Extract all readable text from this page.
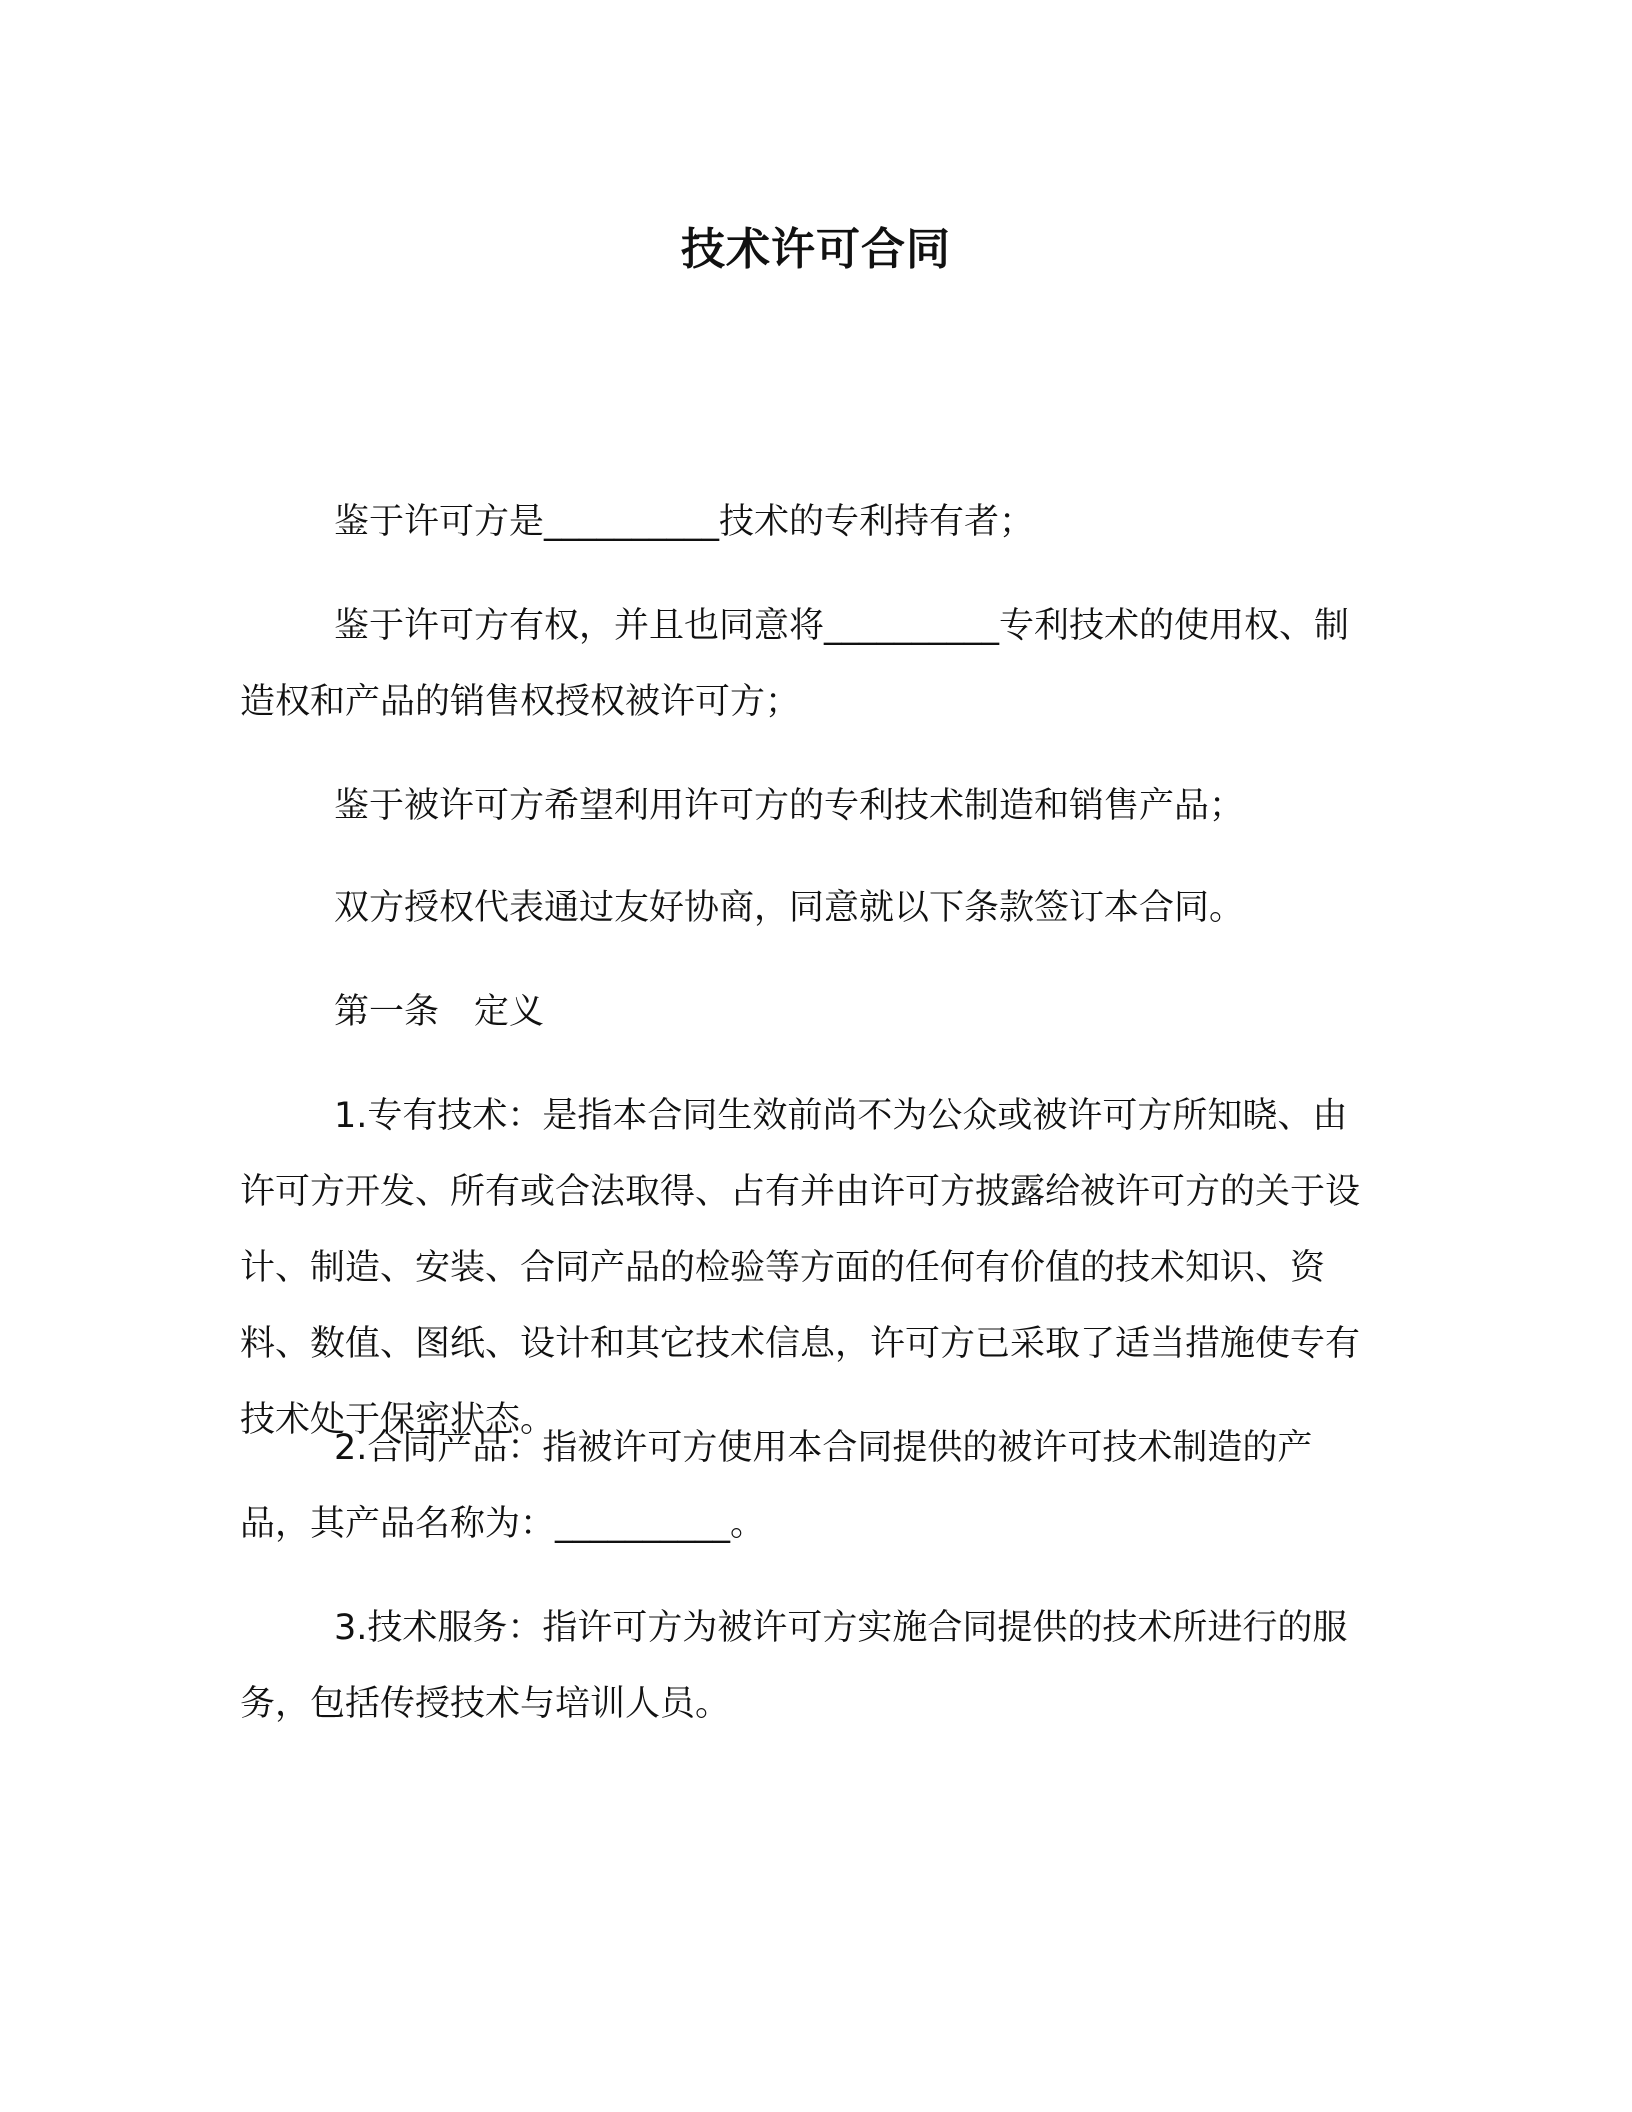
技术许可合同

鉴于许可方是__________技术的专利持有者；

鉴于许可方有权，并且也同意将__________专利技术的使用权、制造权和产品的销售权授权被许可方；

鉴于被许可方希望利用许可方的专利技术制造和销售产品；

双方授权代表通过友好协商，同意就以下条款签订本合同。

第一条　定义

1.专有技术：是指本合同生效前尚不为公众或被许可方所知晓、由许可方开发、所有或合法取得、占有并由许可方披露给被许可方的关于设计、制造、安装、合同产品的检验等方面的任何有价值的技术知识、资料、数值、图纸、设计和其它技术信息，许可方已采取了适当措施使专有技术处于保密状态。

2.合同产品：指被许可方使用本合同提供的被许可技术制造的产品，其产品名称为：__________。

3.技术服务：指许可方为被许可方实施合同提供的技术所进行的服务，包括传授技术与培训人员。
